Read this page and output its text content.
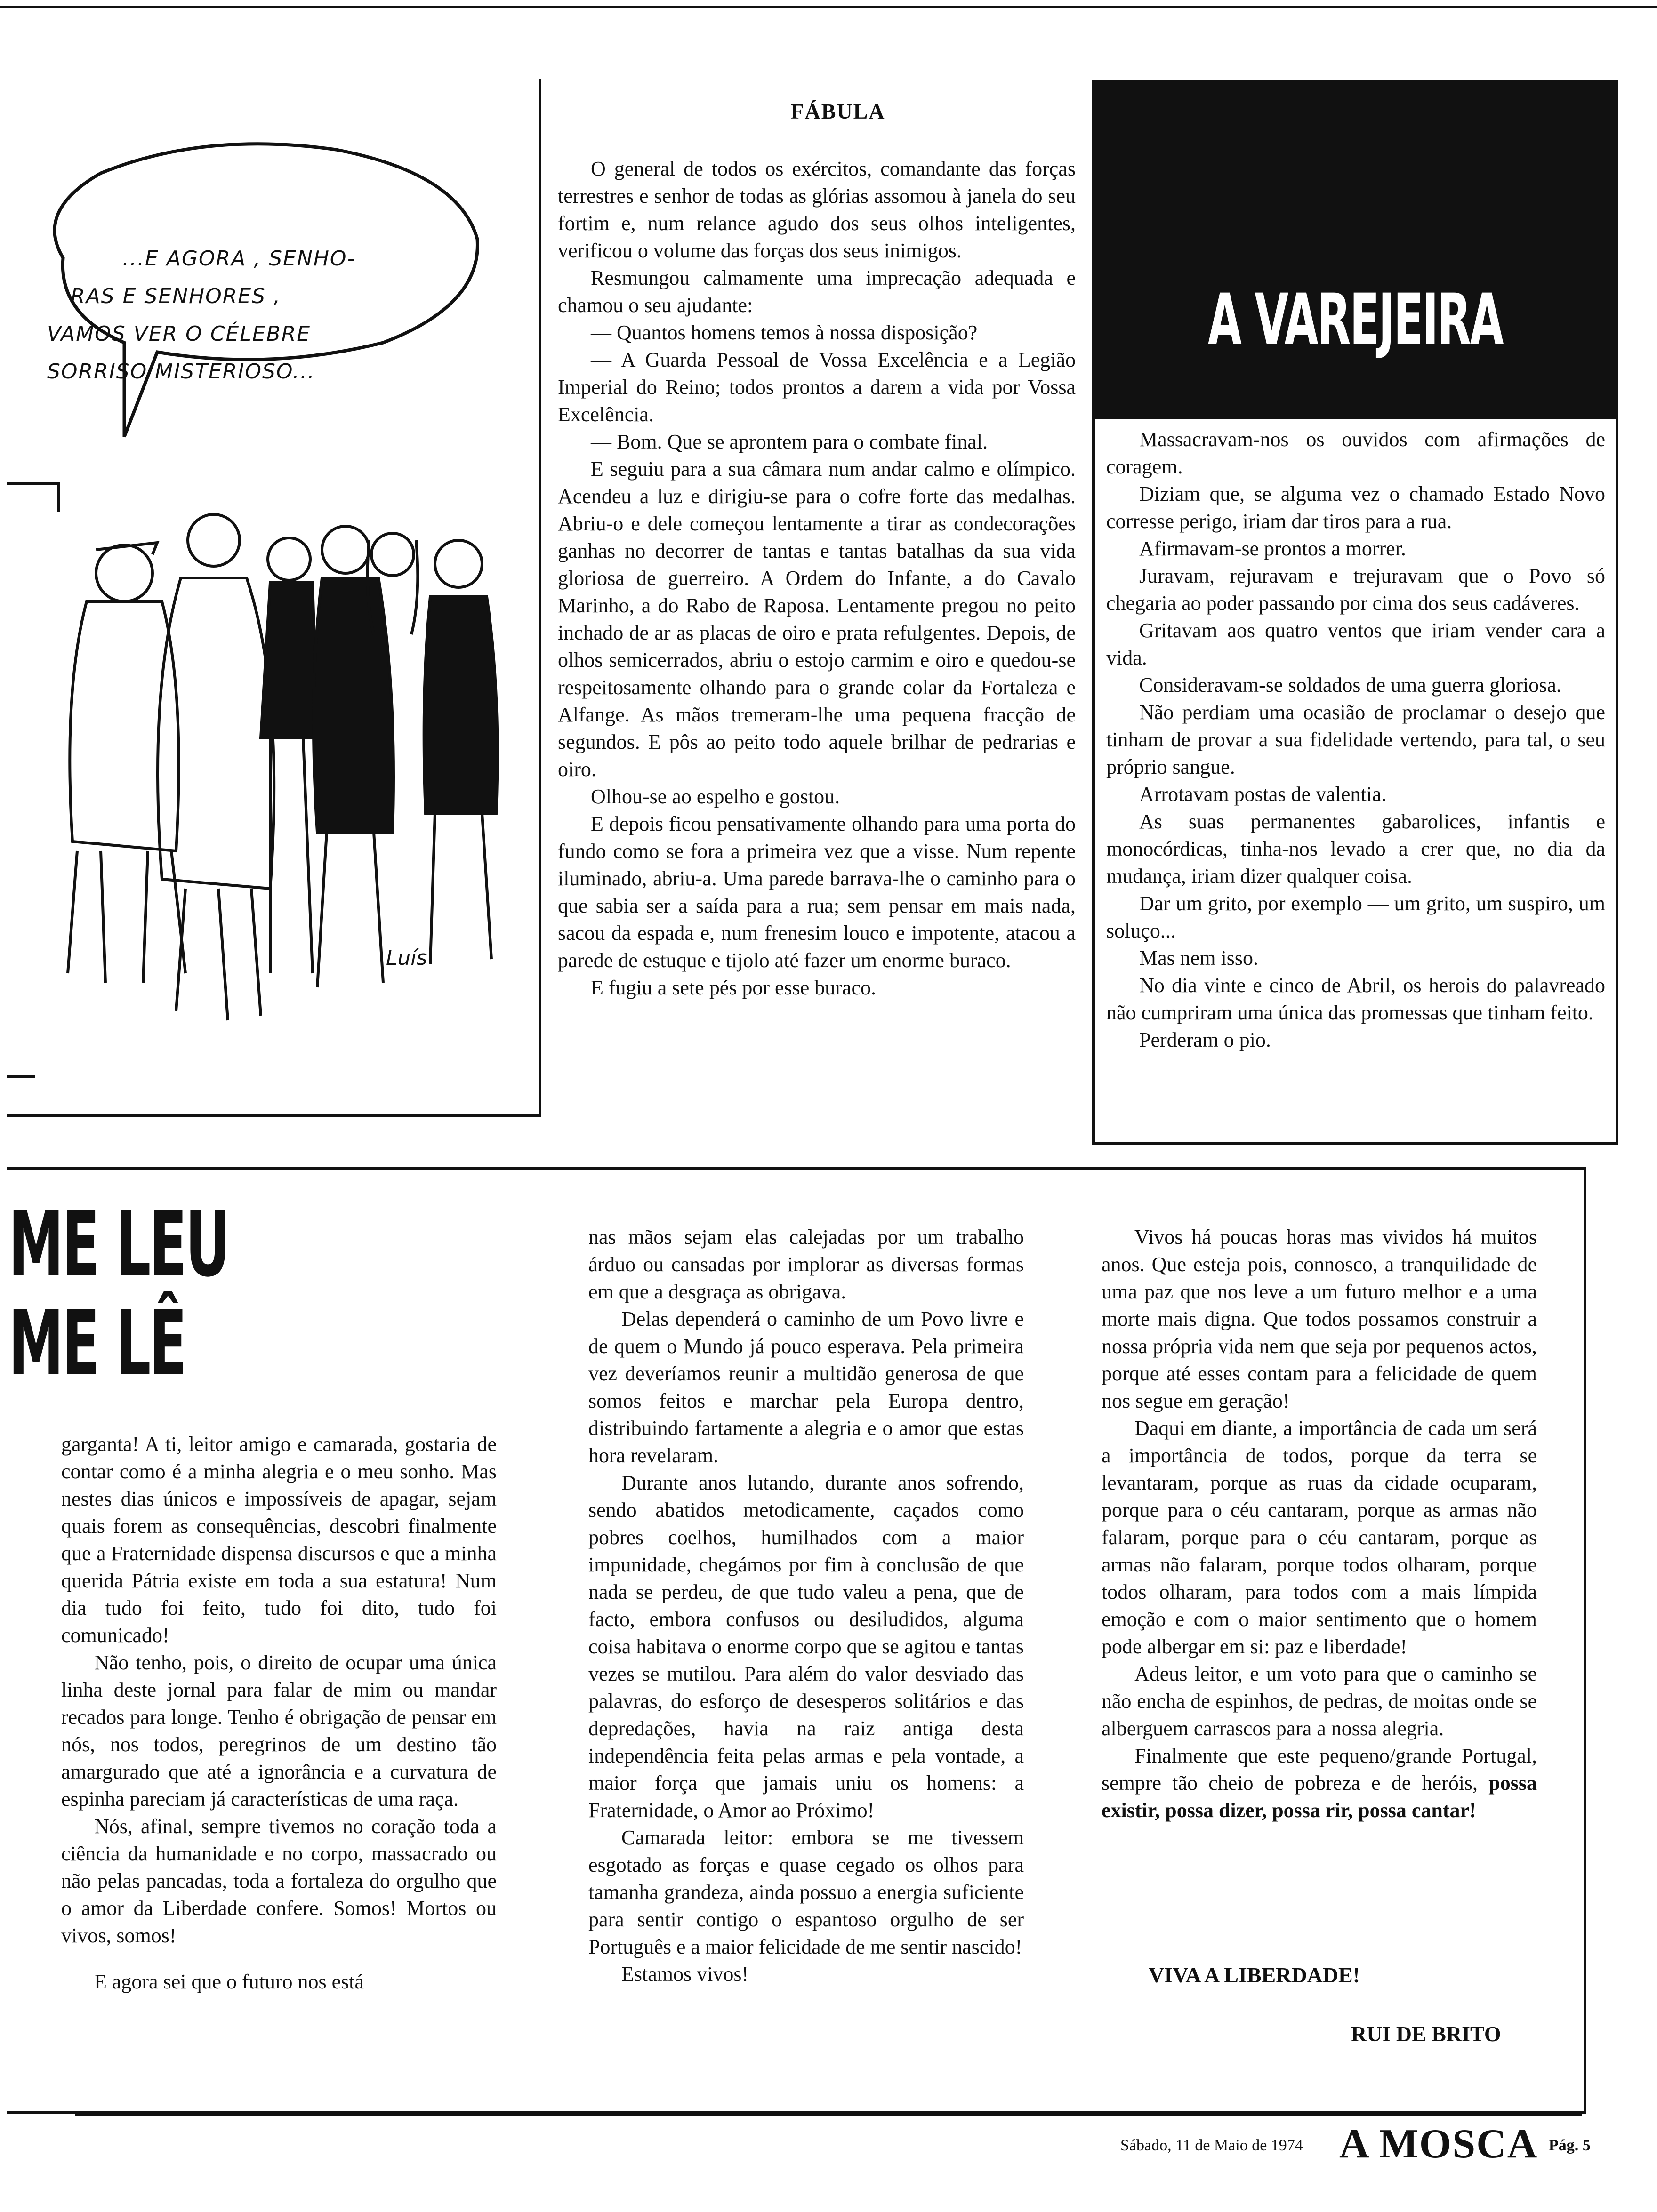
...E AGORA , SENHO-
RAS E SENHORES ,
VAMOS VER O CÉLEBRE
SORRISO MISTERIOSO...
Luís
FÁBULA

O general de todos os exércitos, comandante das forças terrestres e senhor de todas as glórias assomou à janela do seu fortim e, num relance agudo dos seus olhos inteligentes, verificou o volume das forças dos seus inimigos.

Resmungou calmamente uma imprecação adequada e chamou o seu ajudante:

— Quantos homens temos à nossa disposição?

— A Guarda Pessoal de Vossa Excelência e a Legião Imperial do Reino; todos prontos a darem a vida por Vossa Excelência.

— Bom. Que se aprontem para o combate final.

E seguiu para a sua câmara num andar calmo e olímpico. Acendeu a luz e dirigiu-se para o cofre forte das medalhas. Abriu-o e dele começou lentamente a tirar as condecorações ganhas no decorrer de tantas e tantas batalhas da sua vida gloriosa de guerreiro. A Ordem do Infante, a do Cavalo Marinho, a do Rabo de Raposa. Lentamente pregou no peito inchado de ar as placas de oiro e prata refulgentes. Depois, de olhos semicerrados, abriu o estojo carmim e oiro e quedou-se respeitosamente olhando para o grande colar da Fortaleza e Alfange. As mãos tremeram-lhe uma pequena fracção de segundos. E pôs ao peito todo aquele brilhar de pedrarias e oiro.

Olhou-se ao espelho e gostou.

E depois ficou pensativamente olhando para uma porta do fundo como se fora a primeira vez que a visse. Num repente iluminado, abriu-a. Uma parede barrava-lhe o caminho para o que sabia ser a saída para a rua; sem pensar em mais nada, sacou da espada e, num frenesim louco e impotente, atacou a parede de estuque e tijolo até fazer um enorme buraco.

E fugiu a sete pés por esse buraco.

A VAREJEIRA

Massacravam-nos os ouvidos com afirmações de coragem.

Diziam que, se alguma vez o chamado Estado Novo corresse perigo, iriam dar tiros para a rua.

Afirmavam-se prontos a morrer.

Juravam, rejuravam e trejuravam que o Povo só chegaria ao poder passando por cima dos seus cadáveres.

Gritavam aos quatro ventos que iriam vender cara a vida.

Consideravam-se soldados de uma guerra gloriosa.

Não perdiam uma ocasião de proclamar o desejo que tinham de provar a sua fidelidade vertendo, para tal, o seu próprio sangue.

Arrotavam postas de valentia.

As suas permanentes gabarolices, infantis e monocórdicas, tinha-nos levado a crer que, no dia da mudança, iriam dizer qualquer coisa.

Dar um grito, por exemplo — um grito, um suspiro, um soluço...

Mas nem isso.

No dia vinte e cinco de Abril, os herois do palavreado não cumpriram uma única das promessas que tinham feito.

Perderam o pio.

ME LEU
ME LÊ

garganta! A ti, leitor amigo e camarada, gostaria de contar como é a minha alegria e o meu sonho. Mas nestes dias únicos e impossíveis de apagar, sejam quais forem as consequências, descobri finalmente que a Fraternidade dispensa discursos e que a minha querida Pátria existe em toda a sua estatura! Num dia tudo foi feito, tudo foi dito, tudo foi comunicado!

Não tenho, pois, o direito de ocupar uma única linha deste jornal para falar de mim ou mandar recados para longe. Tenho é obrigação de pensar em nós, nos todos, peregrinos de um destino tão amargurado que até a ignorância e a curvatura de espinha pareciam já características de uma raça.

Nós, afinal, sempre tivemos no coração toda a ciência da humanidade e no corpo, massacrado ou não pelas pancadas, toda a fortaleza do orgulho que o amor da Liberdade confere. Somos! Mortos ou vivos, somos!

E agora sei que o futuro nos está

nas mãos sejam elas calejadas por um trabalho árduo ou cansadas por implorar as diversas formas em que a desgraça as obrigava.

Delas dependerá o caminho de um Povo livre e de quem o Mundo já pouco esperava. Pela primeira vez deveríamos reunir a multidão generosa de que somos feitos e marchar pela Europa dentro, distribuindo fartamente a alegria e o amor que estas hora revelaram.

Durante anos lutando, durante anos sofrendo, sendo abatidos metodicamente, caçados como pobres coelhos, humilhados com a maior impunidade, chegámos por fim à conclusão de que nada se perdeu, de que tudo valeu a pena, que de facto, embora confusos ou desiludidos, alguma coisa habitava o enorme corpo que se agitou e tantas vezes se mutilou. Para além do valor desviado das palavras, do esforço de desesperos solitários e das depredações, havia na raiz antiga desta independência feita pelas armas e pela vontade, a maior força que jamais uniu os homens: a Fraternidade, o Amor ao Próximo!

Camarada leitor: embora se me tivessem esgotado as forças e quase cegado os olhos para tamanha grandeza, ainda possuo a energia suficiente para sentir contigo o espantoso orgulho de ser Português e a maior felicidade de me sentir nascido!

Estamos vivos!

Vivos há poucas horas mas vividos há muitos anos. Que esteja pois, connosco, a tranquilidade de uma paz que nos leve a um futuro melhor e a uma morte mais digna. Que todos possamos construir a nossa própria vida nem que seja por pequenos actos, porque até esses contam para a felicidade de quem nos segue em geração!

Daqui em diante, a importância de cada um será a importância de todos, porque da terra se levantaram, porque as ruas da cidade ocuparam, porque para o céu cantaram, porque as armas não falaram, porque para o céu cantaram, porque as armas não falaram, porque todos olharam, porque todos olharam, para todos com a mais límpida emoção e com o maior sentimento que o homem pode albergar em si: paz e liberdade!

Adeus leitor, e um voto para que o caminho se não encha de espinhos, de pedras, de moitas onde se alberguem carrascos para a nossa alegria.

Finalmente que este pequeno/grande Portugal, sempre tão cheio de pobreza e de heróis, possa existir, possa dizer, possa rir, possa cantar!

VIVA A LIBERDADE!
RUI DE BRITO
Sábado, 11 de Maio de 1974 A MOSCA Pág. 5
